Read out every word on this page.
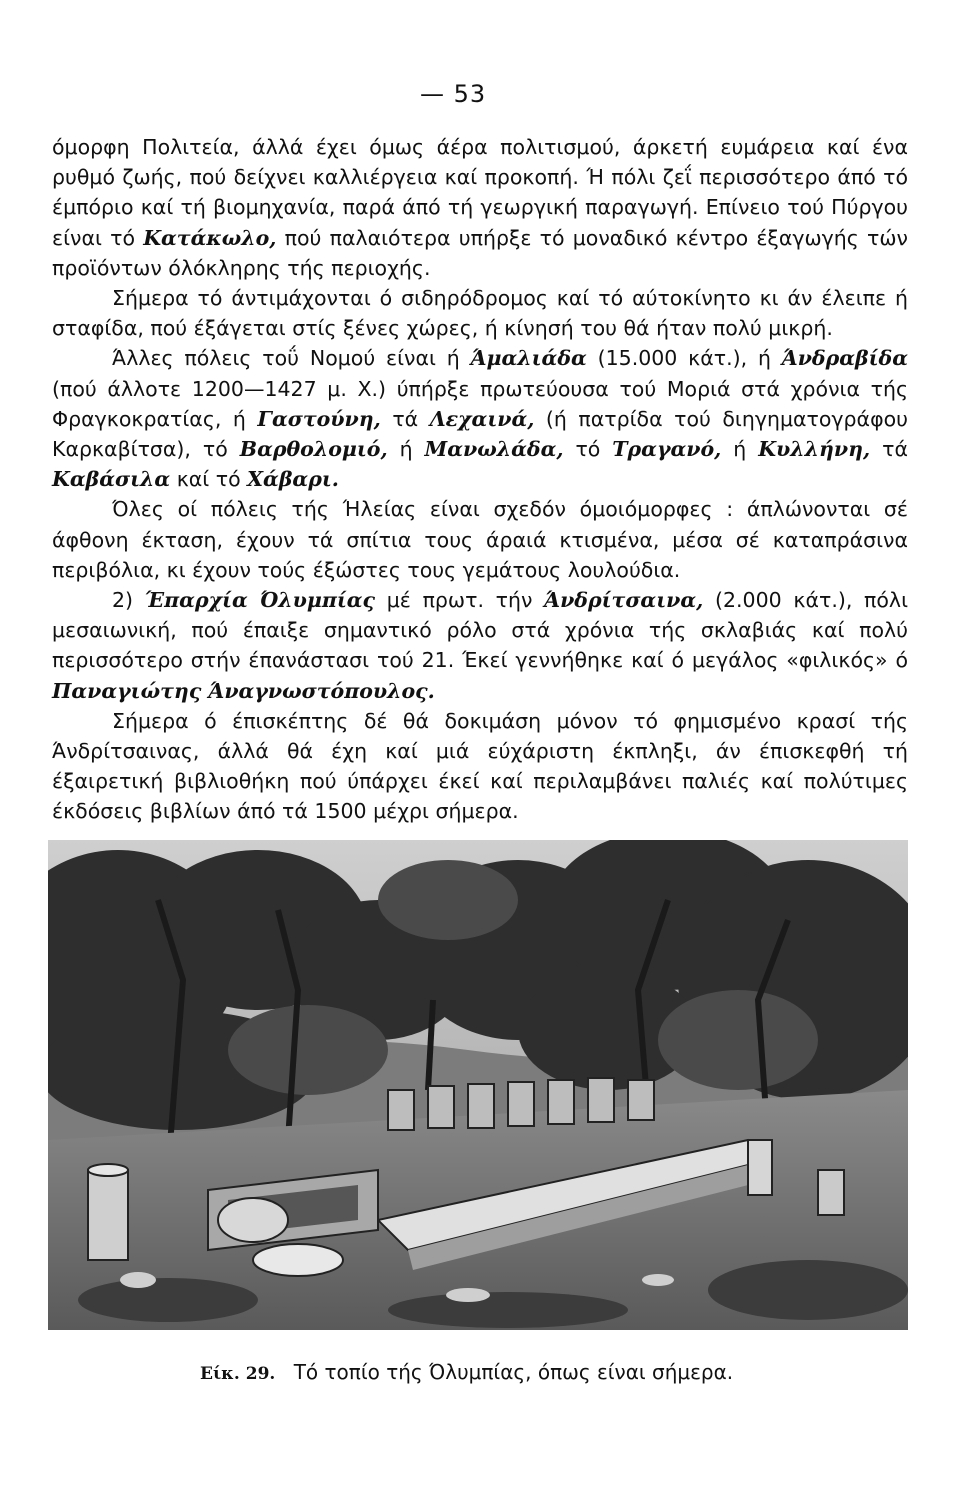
— 53

όμορφη Πολιτεία, άλλά έχει όμως άέρα πολιτισμού, άρκετή ευμάρεια καί ένα ρυθμό ζωής, πού δείχνει καλλιέργεια καί προκοπή. Ή πόλι ζεΐ περισσότερο άπό τό έμπόριο καί τή βιομηχανία, παρά άπό τή γεωργική παραγωγή. Επίνειο τού Πύργου είναι τό Κατάκωλο, πού παλαιότερα υπήρξε τό μοναδικό κέντρο έξαγωγής τών προϊόντων όλόκληρης τής περιοχής.

Σήμερα τό άντιμάχονται ό σιδηρόδρομος καί τό αύτοκίνητο κι άν έλειπε ή σταφίδα, πού έξάγεται στίς ξένες χώρες, ή κίνησή του θά ήταν πολύ μικρή.

Άλλες πόλεις τοΰ Νομού είναι ή Άμαλιάδα (15.000 κάτ.), ή Άνδραβίδα (πού άλλοτε 1200—1427 μ. Χ.) ύπήρξε πρωτεύουσα τού Μοριά στά χρόνια τής Φραγκοκρατίας, ή Γαστούνη, τά Λεχαινά, (ή πατρίδα τού διηγηματογράφου Καρκαβίτσα), τό Βαρθολομιό, ή Μανωλάδα, τό Τραγανό, ή Κυλλήνη, τά Καβάσιλα καί τό Χάβαρι.

Όλες οί πόλεις τής Ήλείας είναι σχεδόν όμοιόμορφες : άπλώνονται σέ άφθονη έκταση, έχουν τά σπίτια τους άραιά κτισμένα, μέσα σέ καταπράσινα περιβόλια, κι έχουν τούς έξώστες τους γεμάτους λουλούδια.

2) Έπαρχία Όλυμπίας μέ πρωτ. τήν Άνδρίτσαινα, (2.000 κάτ.), πόλι μεσαιωνική, πού έπαιξε σημαντικό ρόλο στά χρόνια τής σκλαβιάς καί πολύ περισσότερο στήν έπανάστασι τού 21. Έκεί γεννήθηκε καί ό μεγάλος «φιλικός» ό Παναγιώτης Άναγνωστόπουλος.

Σήμερα ό έπισκέπτης δέ θά δοκιμάση μόνον τό φημισμένο κρασί τής Άνδρίτσαινας, άλλά θά έχη καί μιά εύχάριστη έκπληξι, άν έπισκεφθή τή έξαιρετική βιβλιοθήκη πού ύπάρχει έκεί καί περιλαμβάνει παλιές καί πολύτιμες έκδόσεις βιβλίων άπό τά 1500 μέχρι σήμερα.

Είκ. 29. Τό τοπίο τής Όλυμπίας, όπως είναι σήμερα.
